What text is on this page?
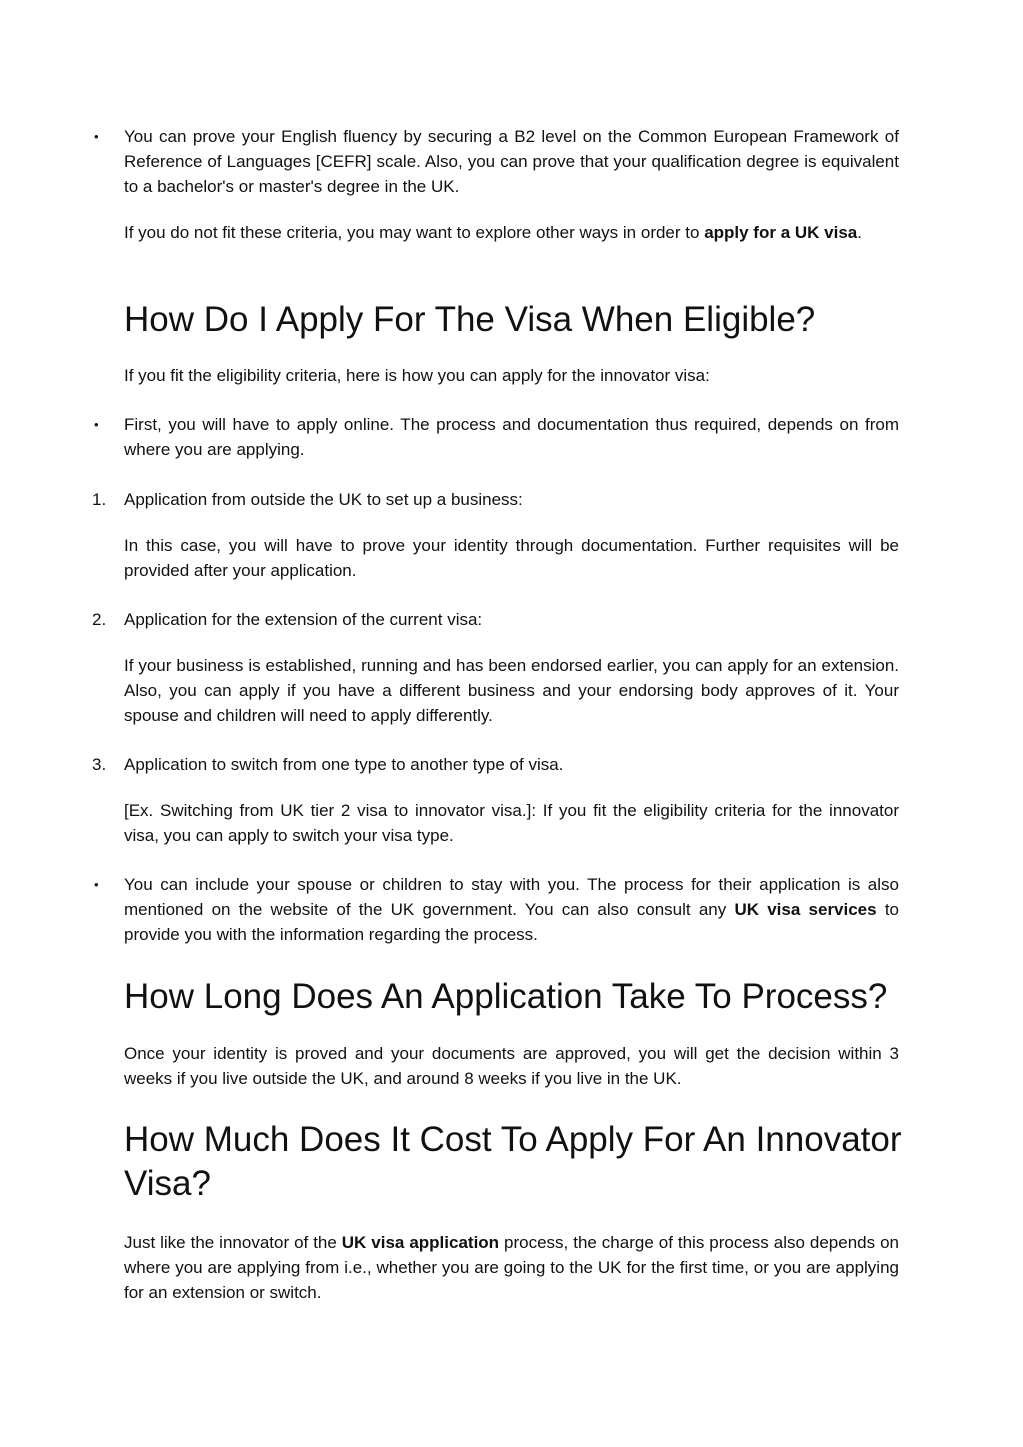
•	You can prove your English fluency by securing a B2 level on the Common European Framework of Reference of Languages [CEFR] scale. Also, you can prove that your qualification degree is equivalent to a bachelor's or master's degree in the UK.

If you do not fit these criteria, you may want to explore other ways in order to apply for a UK visa.

How Do I Apply For The Visa When Eligible?

If you fit the eligibility criteria, here is how you can apply for the innovator visa:

•	First, you will have to apply online. The process and documentation thus required, depends on from where you are applying.

1.	Application from outside the UK to set up a business:

In this case, you will have to prove your identity through documentation. Further requisites will be provided after your application.

2.	Application for the extension of the current visa:

If your business is established, running and has been endorsed earlier, you can apply for an extension. Also, you can apply if you have a different business and your endorsing body approves of it. Your spouse and children will need to apply differently.

3.	Application to switch from one type to another type of visa.

[Ex. Switching from UK tier 2 visa to innovator visa.]: If you fit the eligibility criteria for the innovator visa, you can apply to switch your visa type.

•	You can include your spouse or children to stay with you. The process for their application is also mentioned on the website of the UK government. You can also consult any UK visa services to provide you with the information regarding the process.

How Long Does An Application Take To Process?

Once your identity is proved and your documents are approved, you will get the decision within 3 weeks if you live outside the UK, and around 8 weeks if you live in the UK.

How Much Does It Cost To Apply For An Innovator Visa?

Just like the innovator of the UK visa application process, the charge of this process also depends on where you are applying from i.e., whether you are going to the UK for the first time, or you are applying for an extension or switch.
